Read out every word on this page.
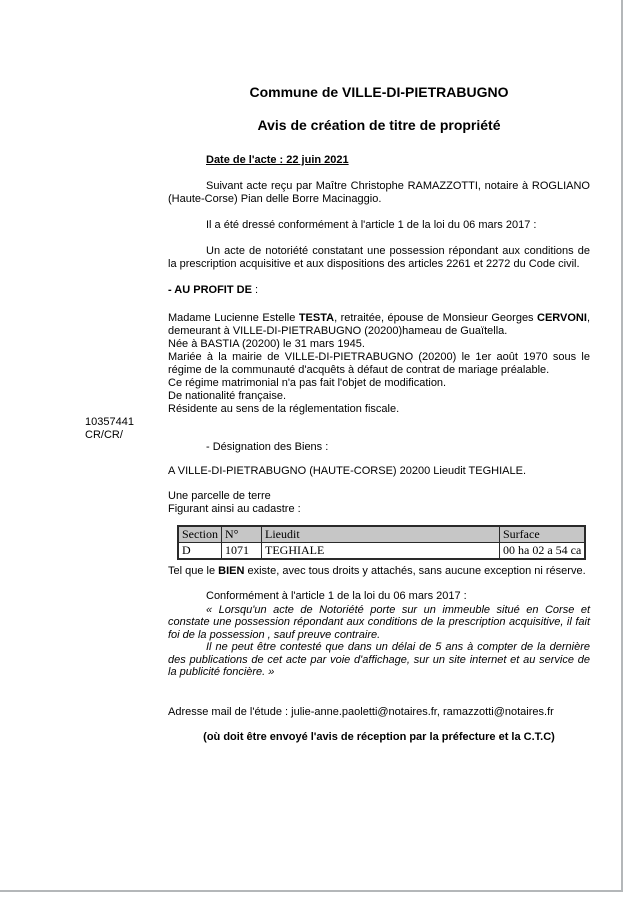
Commune de VILLE-DI-PIETRABUGNO
Avis de création de titre de propriété
Date de l'acte : 22 juin 2021
Suivant acte reçu par Maître Christophe RAMAZZOTTI, notaire à ROGLIANO (Haute-Corse) Pian delle Borre Macinaggio.
Il a été dressé conformément à l'article 1 de la loi du 06 mars 2017 :
Un acte de notoriété constatant une possession répondant aux conditions de la prescription acquisitive et aux dispositions des articles 2261 et 2272 du Code civil.
- AU PROFIT DE :

Madame Lucienne Estelle TESTA, retraitée, épouse de Monsieur Georges CERVONI, demeurant à VILLE-DI-PIETRABUGNO (20200)hameau de Guaïtella.

Née à BASTIA (20200) le 31 mars 1945.

Mariée à la mairie de VILLE-DI-PIETRABUGNO (20200) le 1er août 1970 sous le régime de la communauté d'acquêts à défaut de contrat de mariage préalable.

Ce régime matrimonial n'a pas fait l'objet de modification.

De nationalité française.

Résidente au sens de la réglementation fiscale.

10357441
CR/CR/
- Désignation des Biens :
A VILLE-DI-PIETRABUGNO (HAUTE-CORSE) 20200 Lieudit TEGHIALE.
Une parcelle de terre
Figurant ainsi au cadastre :
Section	N°	Lieudit	Surface
D	1071	TEGHIALE	00 ha 02 a 54 ca
Tel que le BIEN existe, avec tous droits y attachés, sans aucune exception ni réserve.
Conformément à l'article 1 de la loi du 06 mars 2017 :

« Lorsqu'un acte de Notoriété porte sur un immeuble situé en Corse et constate une possession répondant aux conditions de la prescription acquisitive, il fait foi de la possession , sauf preuve contraire.

Il ne peut être contesté que dans un délai de 5 ans à compter de la dernière des publications de cet acte par voie d'affichage, sur un site internet et au service de la publicité foncière. »

Adresse mail de l'étude : julie-anne.paoletti@notaires.fr, ramazzotti@notaires.fr
(où doit être envoyé l'avis de réception par la préfecture et la C.T.C)
